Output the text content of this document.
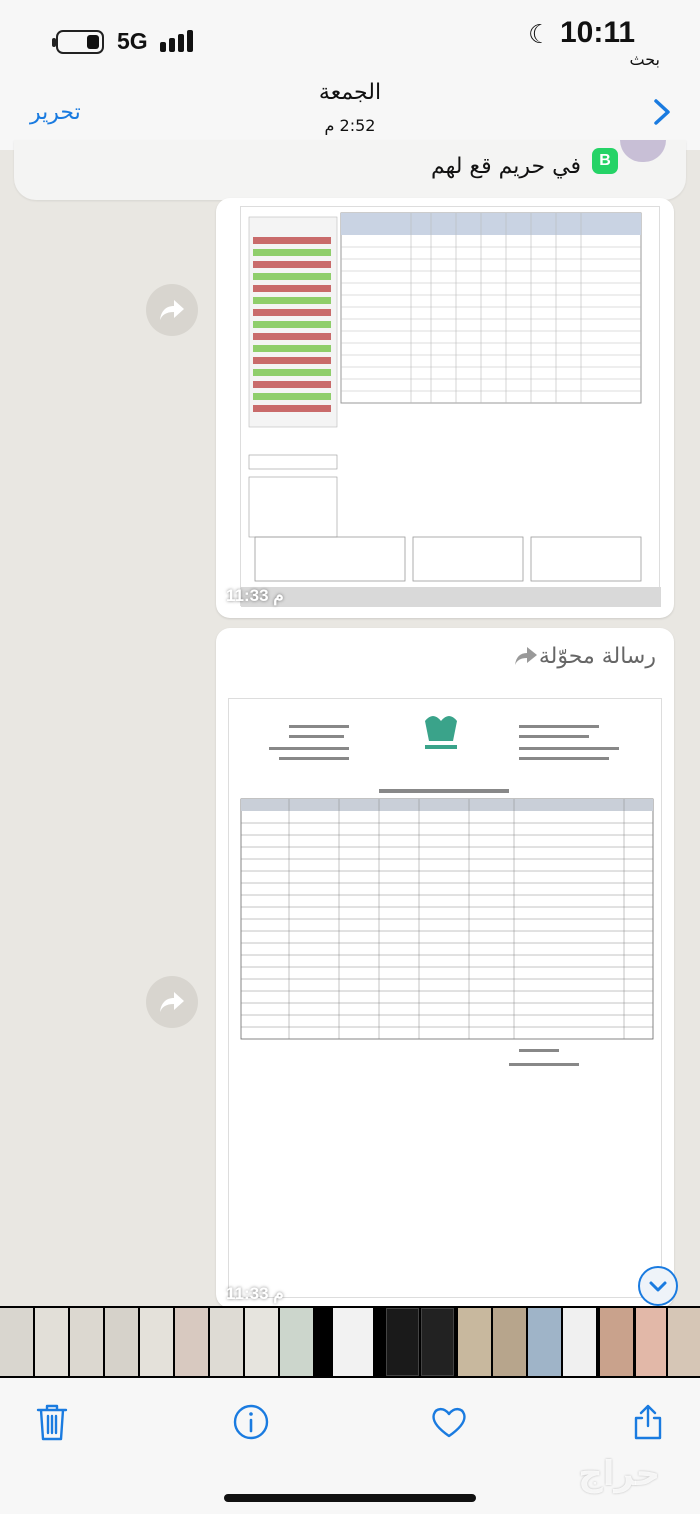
5G	☾ 10:11
تحرير
الجمعة
2:52 م
بحث
B
في حريم قع لهم
11:33 م
رسالة محوّلة
11:33 م
حراج
